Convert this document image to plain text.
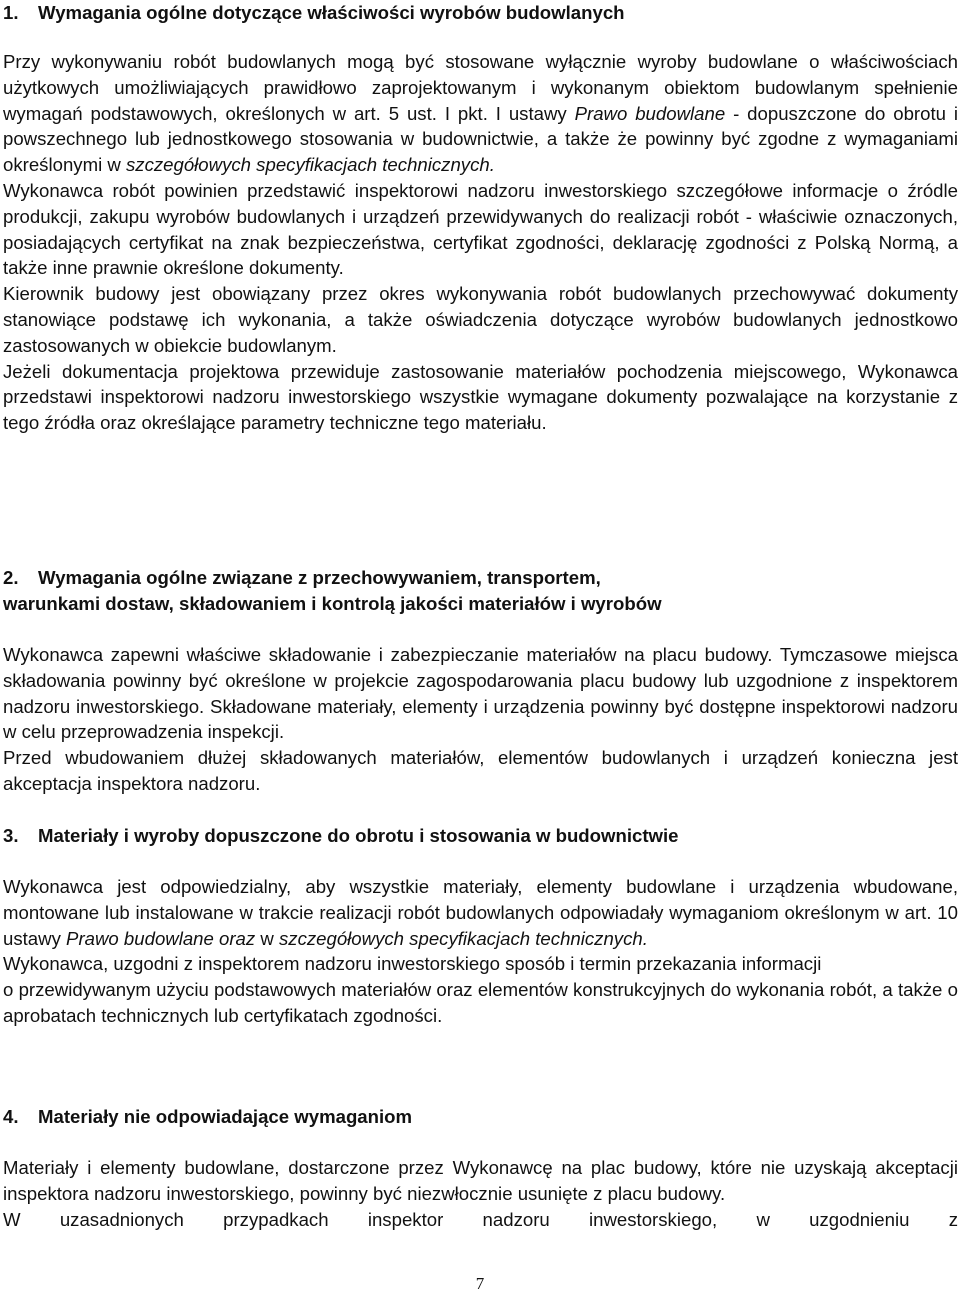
1. Wymagania ogólne dotyczące właściwości wyrobów budowlanych

Przy wykonywaniu robót budowlanych mogą być stosowane wyłącznie wyroby budowlane o właściwościach użytkowych umożliwiających prawidłowo zaprojektowanym i wykonanym obiektom budowlanym spełnienie wymagań podstawowych, określonych w art. 5 ust. I pkt. I ustawy Prawo budowlane - dopuszczone do obrotu i powszechnego lub jednostkowego stosowania w budownictwie, a także że powinny być zgodne z wymaganiami określonymi w szczegółowych specyfikacjach technicznych.

Wykonawca robót powinien przedstawić inspektorowi nadzoru inwestorskiego szczegółowe informacje o źródle produkcji, zakupu wyrobów budowlanych i urządzeń przewidywanych do realizacji robót - właściwie oznaczonych, posiadających certyfikat na znak bezpieczeństwa, certyfikat zgodności, deklarację zgodności z Polską Normą, a także inne prawnie określone dokumenty.

Kierownik budowy jest obowiązany przez okres wykonywania robót budowlanych przechowywać dokumenty stanowiące podstawę ich wykonania, a także oświadczenia dotyczące wyrobów budowlanych jednostkowo zastosowanych w obiekcie budowlanym.

Jeżeli dokumentacja projektowa przewiduje zastosowanie materiałów pochodzenia miejscowego, Wykonawca przedstawi inspektorowi nadzoru inwestorskiego wszystkie wymagane dokumenty pozwalające na korzystanie z tego źródła oraz określające parametry techniczne tego materiału.

2. Wymagania ogólne związane z przechowywaniem, transportem,
warunkami dostaw, składowaniem i kontrolą jakości materiałów i wyrobów

Wykonawca zapewni właściwe składowanie i zabezpieczanie materiałów na placu budowy. Tymczasowe miejsca składowania powinny być określone w projekcie zagospodarowania placu budowy lub uzgodnione z inspektorem nadzoru inwestorskiego. Składowane materiały, elementy i urządzenia powinny być dostępne inspektorowi nadzoru w celu przeprowadzenia inspekcji.

Przed wbudowaniem dłużej składowanych materiałów, elementów budowlanych i urządzeń konieczna jest akceptacja inspektora nadzoru.

3. Materiały i wyroby dopuszczone do obrotu i stosowania w budownictwie

Wykonawca jest odpowiedzialny, aby wszystkie materiały, elementy budowlane i urządzenia wbudowane, montowane lub instalowane w trakcie realizacji robót budowlanych odpowiadały wymaganiom określonym w art. 10 ustawy Prawo budowlane oraz w szczegółowych specyfikacjach technicznych.

Wykonawca, uzgodni z inspektorem nadzoru inwestorskiego sposób i termin przekazania informacji

o przewidywanym użyciu podstawowych materiałów oraz elementów konstrukcyjnych do wykonania robót, a także o aprobatach technicznych lub certyfikatach zgodności.

4. Materiały nie odpowiadające wymaganiom

Materiały i elementy budowlane, dostarczone przez Wykonawcę na plac budowy, które nie uzyskają akceptacji inspektora nadzoru inwestorskiego, powinny być niezwłocznie usunięte z placu budowy.

W uzasadnionych przypadkach inspektor nadzoru inwestorskiego, w uzgodnieniu z

7
